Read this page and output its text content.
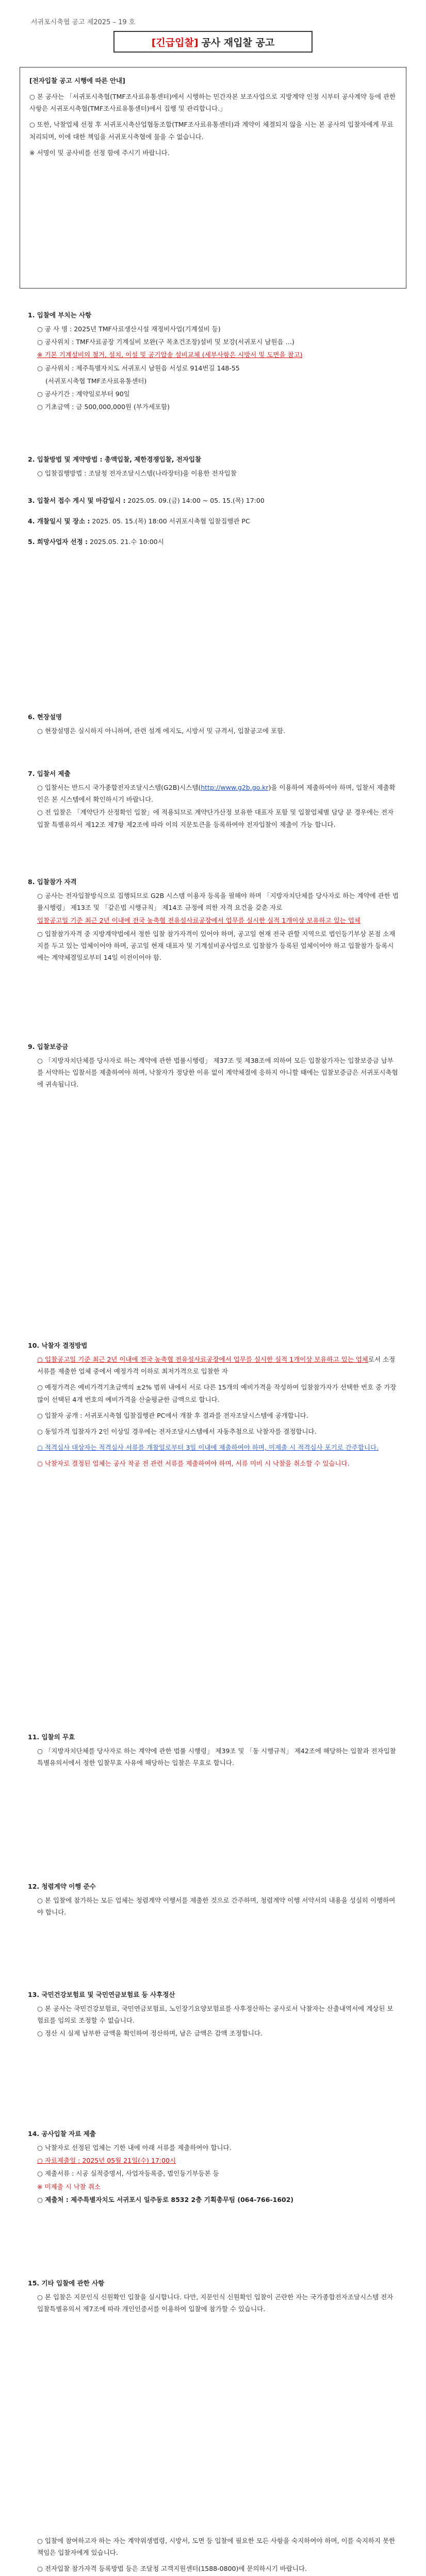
서귀포시축협 공고 제2025 – 19 호
[긴급입찰] 공사 재입찰 공고
[전자입찰 공고 시행에 따른 안내]

○ 본 공사는 「서귀포시축협(TMF조사료유통센터)에서 시행하는 민간자본 보조사업으로 지방계약 인정 시부터 공사계약 등에 관한 사항은 서귀포시축협(TMF조사료유통센터)에서 집행 및 관리합니다.」

○ 또한, 낙찰업체 선정 후 서귀포시축산업협동조합(TMF조사료유통센터)과 계약이 체결되지 않을 시는 본 공사의 입찰자에게 무료 처리되며, 이에 대한 책임을 서귀포시축협에 물을 수 없습니다.

※ 서명이 및 공사비를 선정 함에 주시기 바랍니다.

1. 입찰에 부치는 사항
○ 공 사 명 : 2025년 TMF사료생산시설 재정비사업(기계설비 등)
○ 공사위치 : TMF사료공장 기계실비 보완(구 목초건조장)설비 및 보강(서귀포시 남원읍 …)
※ 기본 기계설비의 철거, 설치, 이설 및 공기압송 설비교체 (세부사항은 시방서 및 도면을 참고)
○ 공사위치 : 제주특별자치도 서귀포시 남원읍 서성로 914번길 148-55
(서귀포시축협 TMF조사료유통센터)
○ 공사기간 : 계약일로부터 90일
○ 기초금액 : 금 500,000,000원 (부가세포함)
2. 입찰방법 및 계약방법 : 총액입찰, 제한경쟁입찰, 전자입찰
○ 입찰집행방법 : 조달청 전자조달시스템(나라장터)을 이용한 전자입찰
3. 입찰서 접수 게시 및 마감일시 : 2025.05. 09.(금) 14:00 ~ 05. 15.(목) 17:00
4. 개찰일시 및 장소 : 2025. 05. 15.(목) 18:00 서귀포시축협 입찰집행관 PC
5. 희망사업자 선정 : 2025.05. 21.수 10:00시
6. 현장설명
○ 현장설명은 실시하지 아니하며, 관련 설계 에지도, 시방서 및 규격서, 입찰공고에 포함.
7. 입찰서 제출
○ 입찰서는 반드시 국가종합전자조달시스템(G2B)시스템(http://www.g2b.go.kr)을 이용하여 제출하여야 하며, 입찰서 제출확인은 본 시스템에서 확인하시기 바랍니다.
○ 전 입찰은 「계약단가 산정확인 입찰」에 적용되므로 계약단가산정 보유한 대표자 포함 및 입찰업체별 담당 분 경우에는 전자입찰 특별유의서 제12조 제7항 제2조에 따라 이의 지문토큰을 등록하여야 전자입찰이 제출이 가능 합니다.
8. 입찰참가 자격
○ 공사는 전자입찰방식으로 집행되므로 G2B 시스템 이용자 등록을 필해야 하며 「지방자치단체를 당사자로 하는 계약에 관한 법률시행령」 제13조 및 「같은법 시행규칙」 제14조 규정에 의한 자격 요건을 갖춘 자로
입찰공고일 기준 최근 2년 이내에 전국 농축협 전유설사료공장에서 업무를 실시한 실적 1개이상 보유하고 있는 업체
○ 입찰참가자격 중 지방계약법에서 정한 입찰 참가자격이 있어야 하며, 공고일 현재 전국 관할 지역으로 법인등기부상 본점 소재지를 두고 있는 업체이어야 하며, 공고일 현재 대표자 및 기계설비공사업으로 입찰참가 등록된 업체이어야 하고 입찰참가 등록시에는 계약체결일로부터 14일 이전이어야 함.
9. 입찰보증금
○ 「지방자치단체를 당사자로 하는 계약에 관한 법률시행령」 제37조 및 제38조에 의하여 모든 입찰참가자는 입찰보증금 납부를 서약하는 입찰서를 제출하여야 하며, 낙찰자가 정당한 이유 없이 계약체결에 응하지 아니할 때에는 입찰보증금은 서귀포시축협에 귀속됩니다.
10. 낙찰자 결정방법
○ 입찰공고일 기준 최근 2년 이내에 전국 농축협 전유설사료공장에서 업무를 실시한 실적 1개이상 보유하고 있는 업체로서 소정 서류를 제출한 업체 중에서 예정가격 이하로 최저가격으로 입찰한 자
○ 예정가격은 예비가격기초금액의 ±2% 범위 내에서 서로 다른 15개의 예비가격을 작성하여 입찰참가자가 선택한 번호 중 가장 많이 선택된 4개 번호의 예비가격을 산술평균한 금액으로 합니다.
○ 입찰자 공개 : 서귀포시축협 입찰집행관 PC에서 개찰 후 결과를 전자조달시스템에 공개합니다.
○ 동일가격 입찰자가 2인 이상일 경우에는 전자조달시스템에서 자동추첨으로 낙찰자를 결정합니다.
○ 적격심사 대상자는 적격심사 서류를 개찰일로부터 3일 이내에 제출하여야 하며, 미제출 시 적격심사 포기로 간주합니다.
○ 낙찰자로 결정된 업체는 공사 착공 전 관련 서류를 제출하여야 하며, 서류 미비 시 낙찰을 취소할 수 있습니다.
11. 입찰의 무효
○ 「지방자치단체를 당사자로 하는 계약에 관한 법률 시행령」 제39조 및 「동 시행규칙」 제42조에 해당하는 입찰과 전자입찰특별유의서에서 정한 입찰무효 사유에 해당하는 입찰은 무효로 합니다.
12. 청렴계약 이행 준수
○ 본 입찰에 참가하는 모든 업체는 청렴계약 이행서를 제출한 것으로 간주하며, 청렴계약 이행 서약서의 내용을 성실히 이행하여야 합니다.
13. 국민건강보험료 및 국민연금보험료 등 사후정산
○ 본 공사는 국민건강보험료, 국민연금보험료, 노인장기요양보험료를 사후정산하는 공사로서 낙찰자는 산출내역서에 계상된 보험료를 임의로 조정할 수 없습니다.
○ 정산 시 실제 납부한 금액을 확인하여 정산하며, 남은 금액은 감액 조정합니다.
14. 공사입찰 자료 제출
○ 낙찰자로 선정된 업체는 기한 내에 아래 서류를 제출하여야 합니다.
○ 자료제출일 : 2025년 05월 21일(수) 17:00시
○ 제출서류 : 시공 실적증명서, 사업자등록증, 법인등기부등본 등
※ 미제출 시 낙찰 취소
○ 제출처 : 제주특별자치도 서귀포시 일주동로 8532 2층 기획총무팀 (064-766-1602)
15. 기타 입찰에 관한 사항
○ 본 입찰은 지문인식 신원확인 입찰을 실시합니다. 다만, 지문인식 신원확인 입찰이 곤란한 자는 국가종합전자조달시스템 전자입찰특별유의서 제7조에 따라 개인인증서를 이용하여 입찰에 참가할 수 있습니다.
○ 입찰에 참여하고자 하는 자는 계약위생법령, 시방서, 도면 등 입찰에 필요한 모든 사항을 숙지하여야 하며, 이를 숙지하지 못한 책임은 입찰자에게 있습니다.
○ 전자입찰 참가자격 등록방법 등은 조달청 고객지원센터(1588-0800)에 문의하시기 바랍니다.
